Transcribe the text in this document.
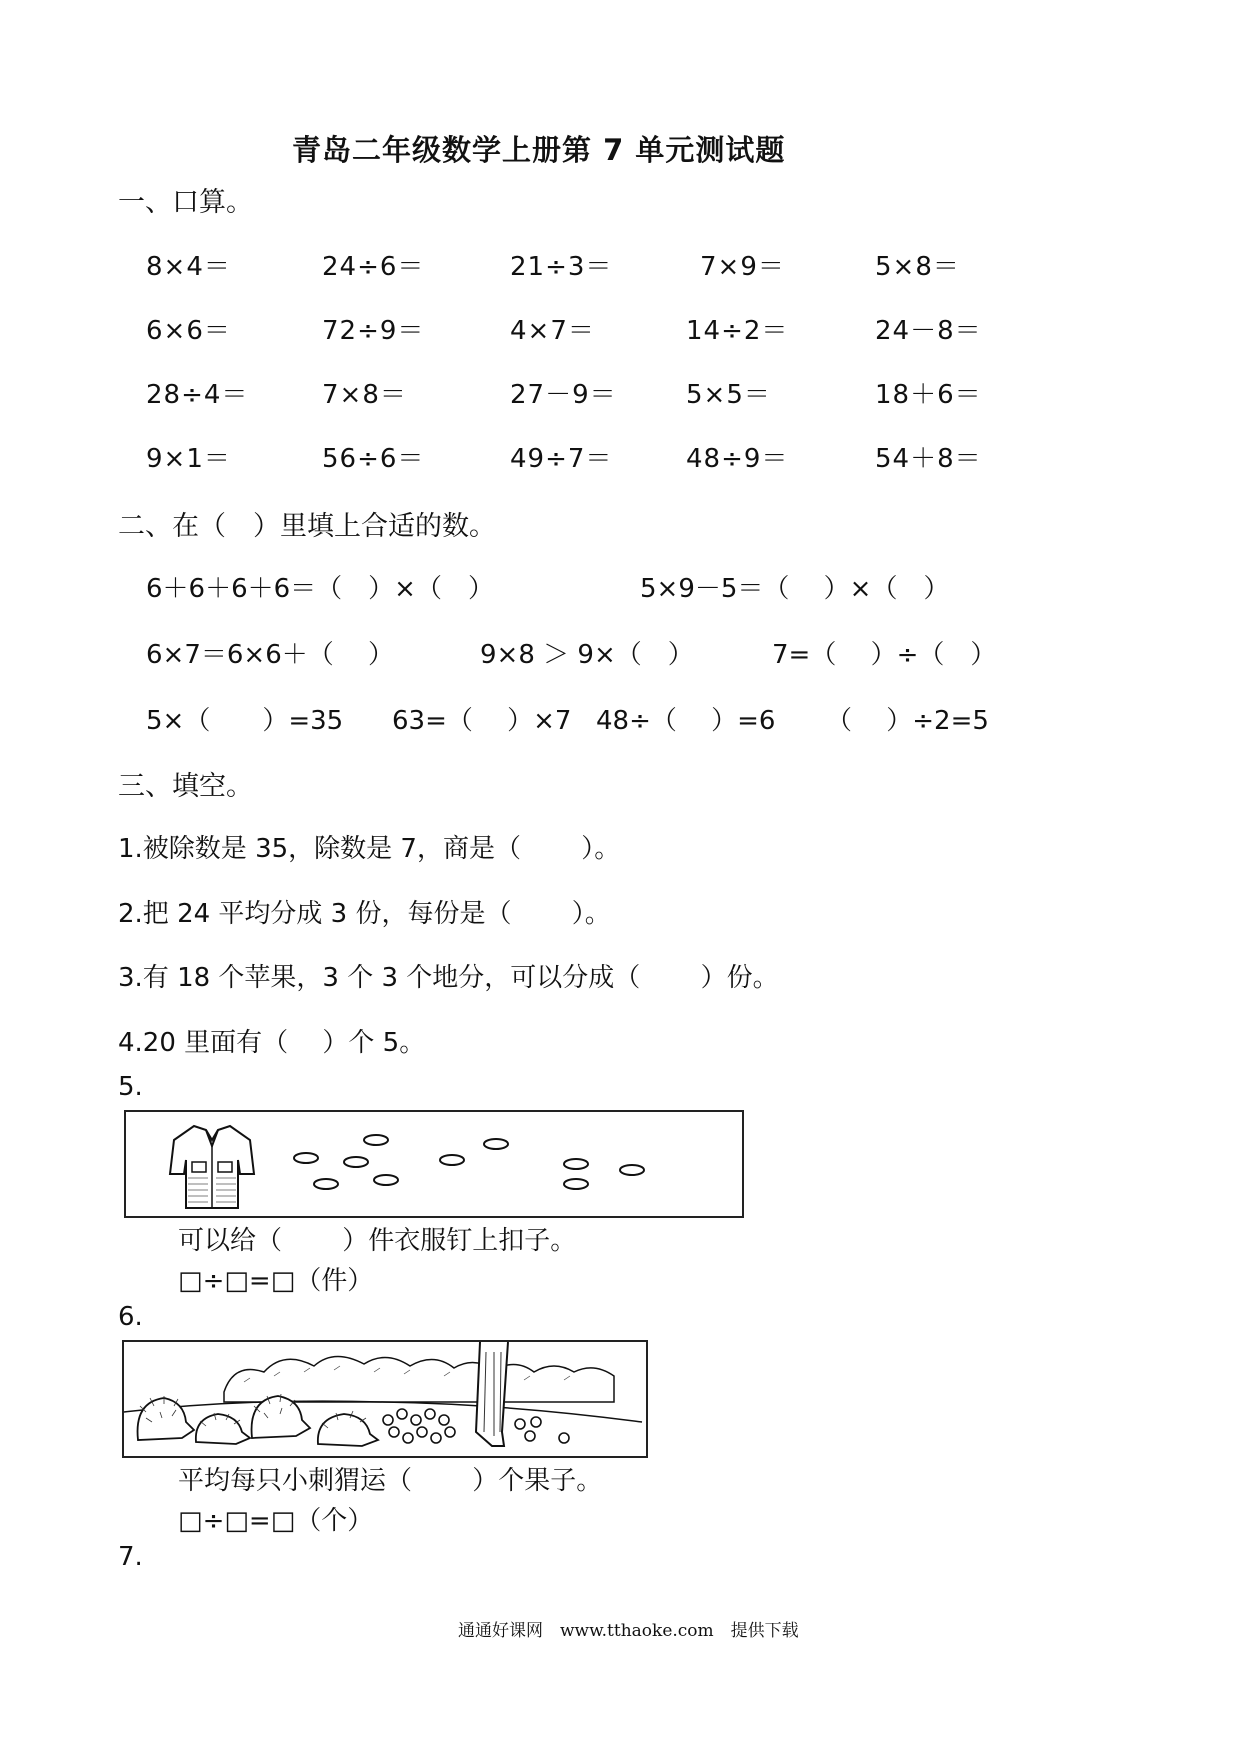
青岛二年级数学上册第 7 单元测试题
一、口算。
8×4＝	24÷6＝	21÷3＝	7×9＝	5×8＝
6×6＝	72÷9＝	4×7＝	14÷2＝	24－8＝
28÷4＝	7×8＝	27－9＝	5×5＝	18＋6＝
9×1＝	56÷6＝	49÷7＝	48÷9＝	54＋8＝
二、在（　）里填上合适的数。
6＋6＋6＋6＝（　）×（　）	5×9－5＝（　 ）×（　）
6×7＝6×6＋（　 ）	9×8 ＞ 9×（　）	7=（　 ）÷（　）
5×（　　）=35 63=（　 ）×7 48÷（　 ）=6 （　 ）÷2=5
三、填空。
1.被除数是 35，除数是 7，商是（　　 ）。
2.把 24 平均分成 3 份，每份是（　　 ）。
3.有 18 个苹果，3 个 3 个地分，可以分成（　　 ）份。
4.20 里面有（　 ）个 5。
5.
可以给（　　 ）件衣服钉上扣子。
□÷□=□（件）
6.
平均每只小刺猬运（　　 ）个果子。
□÷□=□（个）
7.
通通好课网　www.tthaoke.com　提供下载
